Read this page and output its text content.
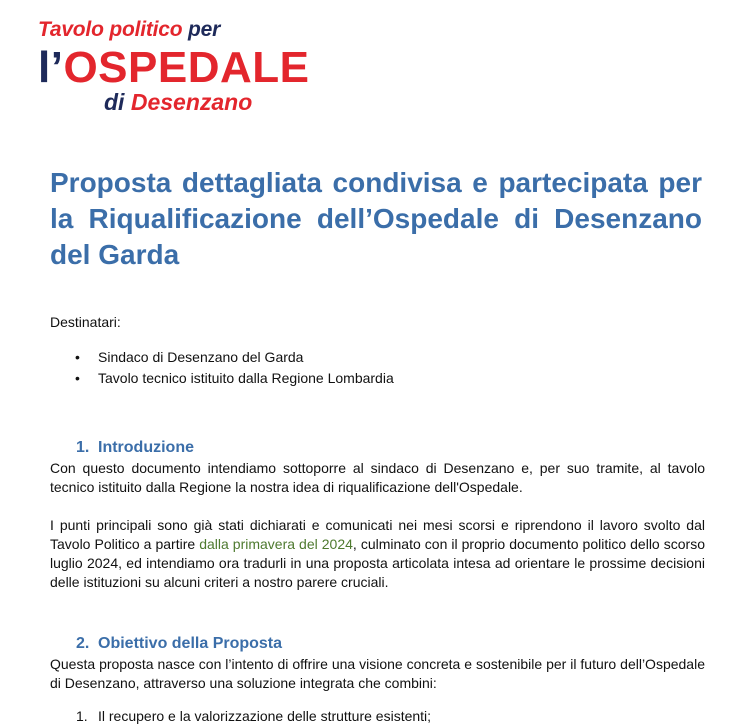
Tavolo politico per
l’OSPEDALE
di Desenzano
Proposta dettagliata condivisa e partecipata per la Riqualificazione dell’Ospedale di Desenzano del Garda

Destinatari:

• Sindaco di Desenzano del Garda
• Tavolo tecnico istituito dalla Regione Lombardia
1. Introduzione

Con questo documento intendiamo sottoporre al sindaco di Desenzano e, per suo tramite, al tavolo tecnico istituito dalla Regione la nostra idea di riqualificazione dell'Ospedale.

I punti principali sono già stati dichiarati e comunicati nei mesi scorsi e riprendono il lavoro svolto dal Tavolo Politico a partire dalla primavera del 2024, culminato con il proprio documento politico dello scorso luglio 2024, ed intendiamo ora tradurli in una proposta articolata intesa ad orientare le prossime decisioni delle istituzioni su alcuni criteri a nostro parere cruciali.

2. Obiettivo della Proposta

Questa proposta nasce con l’intento di offrire una visione concreta e sostenibile per il futuro dell’Ospedale di Desenzano, attraverso una soluzione integrata che combini:

1. Il recupero e la valorizzazione delle strutture esistenti;
